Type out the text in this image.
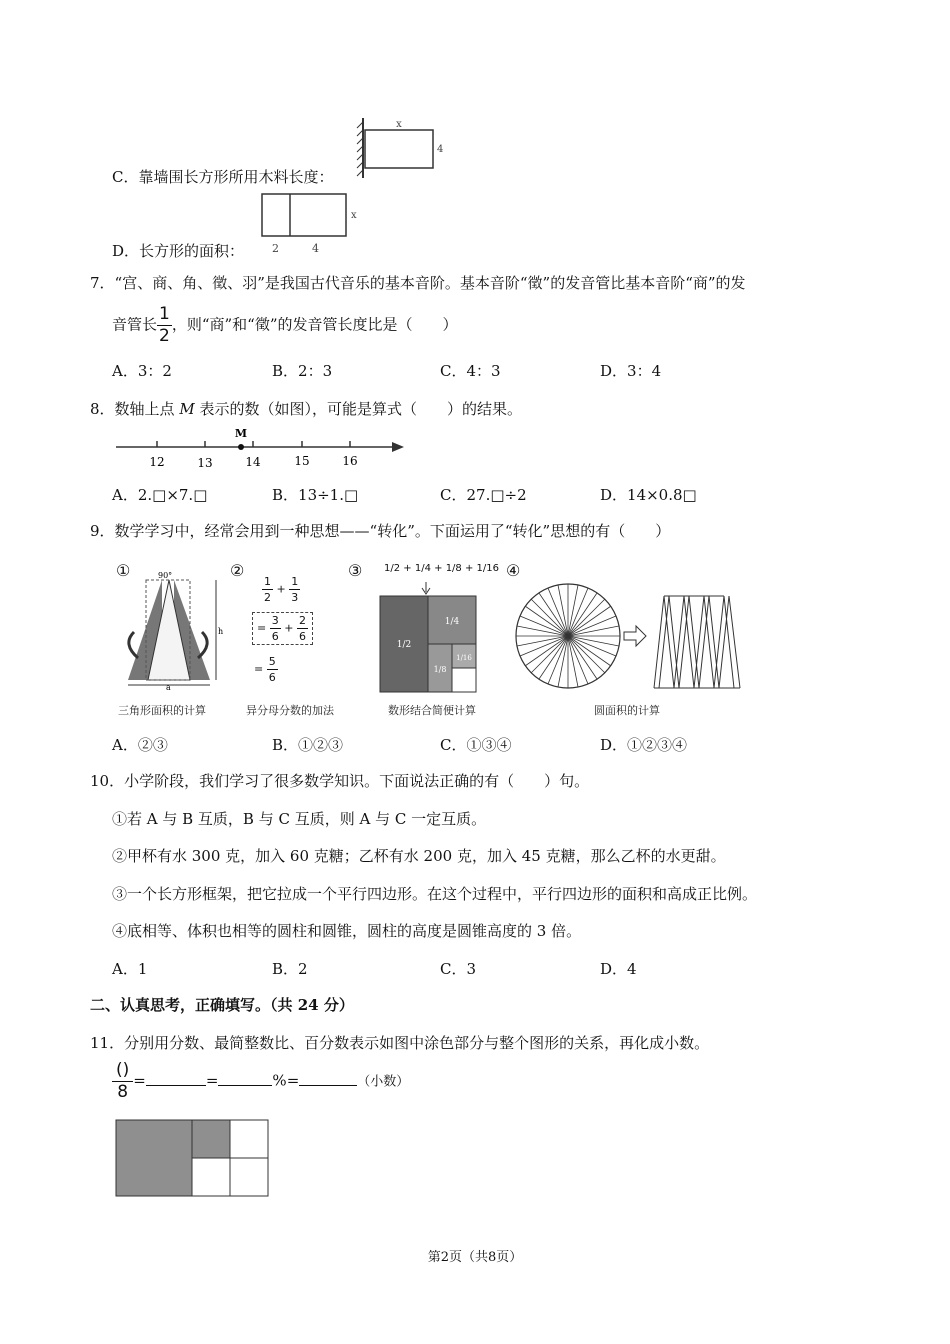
C．靠墙围长方形所用木料长度：
x
4
D．长方形的面积：
x
2	4
7．“宫、商、角、徵、羽”是我国古代音乐的基本音阶。基本音阶“徵”的发音管比基本音阶“商”的发
音管长 $\frac{1}{2}$ ，则“商”和“徵”的发音管长度比是（　　）
A．3：2	B．2：3	C．4：3	D．3：4
8．数轴上点 M 表示的数（如图），可能是算式（　　）的结果。
M
12	13	14	15	16
A．2.□×7.□	B．13÷1.□	C．27.□÷2	D．14×0.8□
9．数学学习中，经常会用到一种思想——“转化”。下面运用了“转化”思想的有（　　）
①	②	③	④
h
90°
a
三角形面积的计算
$\frac{1}{2} + \frac{1}{3}$
= $\frac{3}{6} + \frac{2}{6}$
= $\frac{5}{6}$
异分母分数的加法
1/2 + 1/4 + 1/8 + 1/16
1/2
1/4
1/8
1/16
数形结合简便计算	圆面积的计算
A．②③	B．①②③	C．①③④	D．①②③④
10．小学阶段，我们学习了很多数学知识。下面说法正确的有（　　）句。
①若 A 与 B 互质，B 与 C 互质，则 A 与 C 一定互质。
②甲杯有水 300 克，加入 60 克糖；乙杯有水 200 克，加入 45 克糖，那么乙杯的水更甜。
③一个长方形框架，把它拉成一个平行四边形。在这个过程中，平行四边形的面积和高成正比例。
④底相等、体积也相等的圆柱和圆锥，圆柱的高度是圆锥高度的 3 倍。
A．1	B．2	C．3	D．4
二、认真思考，正确填写。（共 24 分）
11．分别用分数、最简整数比、百分数表示如图中涂色部分与整个图形的关系，再化成小数。
$\frac{()}{8}$ =	=	%=	（小数）
第2页（共8页）
